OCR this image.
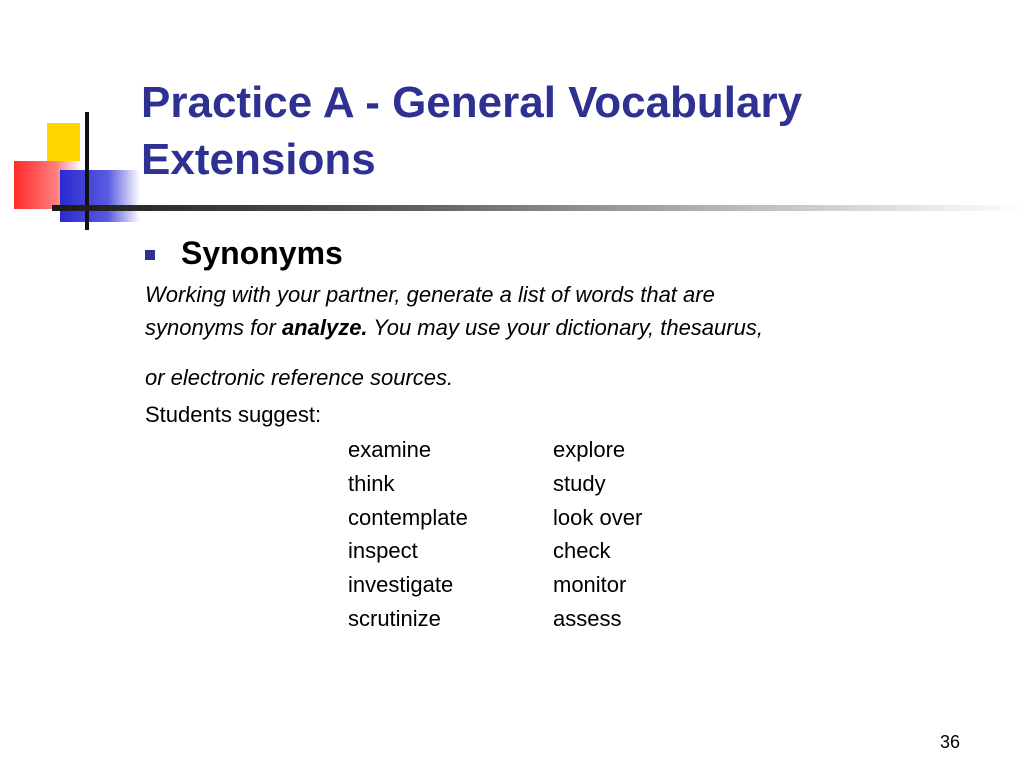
Practice A - General Vocabulary
Extensions
Synonyms
Working with your partner, generate a list of words that are
synonyms for analyze. You may use your dictionary, thesaurus,
or electronic reference sources.
Students suggest:
examine	explore
think	study
contemplate	look over
inspect	check
investigate	monitor
scrutinize	assess
36
